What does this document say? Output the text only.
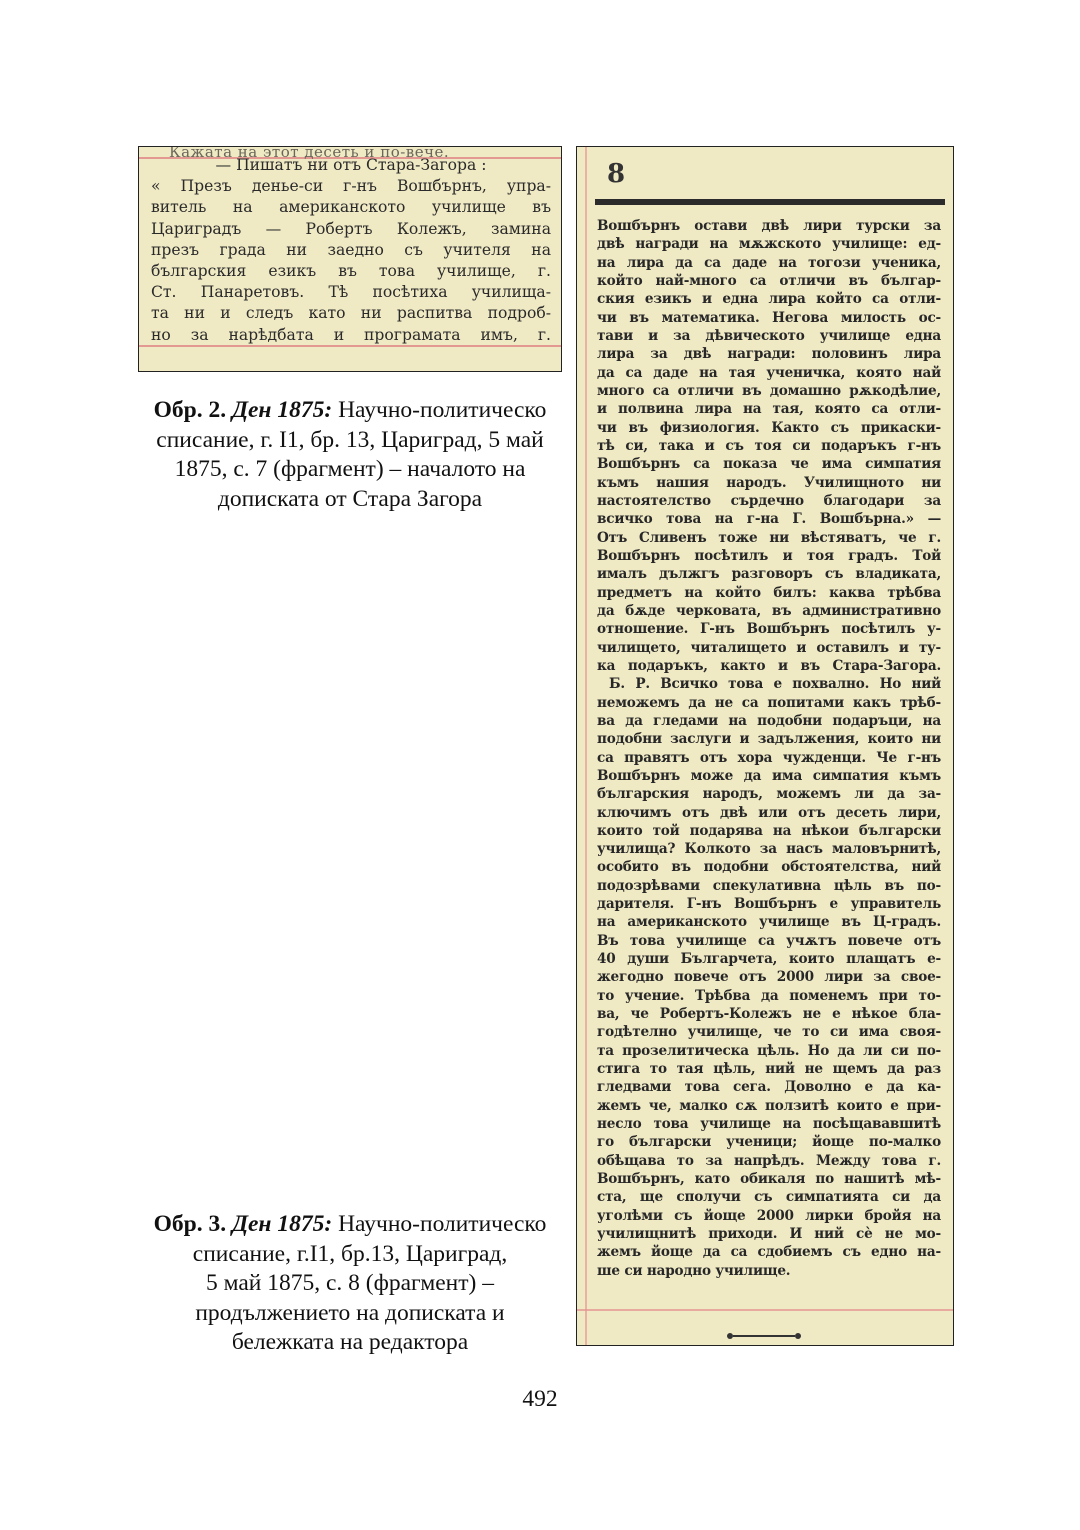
Кажата на этот десеть и по-вече.
— Пишатъ ни отъ Стара-Загора :
« Презъ деньe-си г-нъ Вошбърнъ, упра-
витель на американското училище въ
Цариградъ — Робертъ Колежъ, замина
презъ града ни заедно съ учителя на
българския езикъ въ това училище, г.
Ст. Панаретовъ. Тѣ посѣтиха училища-
та ни и следъ като ни распитва подроб-
но за нарѣдбата и програмата имъ, г.
Обр. 2. Ден 1875: Научно-политическо списание, г. I1, бр. 13, Цариград, 5 май 1875, с. 7 (фрагмент) – началото на дописката от Стара Загора
8
Вошбърнъ остави двѣ лири турски за
двѣ награди на мѫжското училище: ед-
на лира да са даде на тогози ученика,
който най-много са отличи въ българ-
ския езикъ и една лира който са отли-
чи въ математика. Негова милость ос-
тави и за дѣвическото училище една
лира за двѣ награди: половинъ лира
да са даде на тая ученичка, която най
много са отличи въ домашно рѫкодѣлие,
и полвина лира на тая, която са отли-
чи въ физиология. Както съ прикаски-
тѣ си, така и съ тоя си подаръкъ г-нъ
Вошбърнъ са показа че има симпатия
къмъ нашия народъ. Училищното ни
настоятелство сърдечно благодари за
всичко това на г-на Г. Вошбърна.» —
Отъ Сливенъ тоже ни вѣстяватъ, че г.
Вошбърнъ посѣтилъ и тоя градъ. Той
ималъ дължгъ разговоръ съ владиката,
предметъ на който билъ: каква трѣбва
да бѫде черковата, въ административно
отношение. Г-нъ Вошбърнъ посѣтилъ у-
чилището, читалището и оставилъ и ту-
ка подаръкъ, както и въ Стара-Загора.
Б. Р. Всичко това е похвално. Но ний
неможемъ да не са попитами какъ трѣб-
ва да гледами на подобни подаръци, на
подобни заслуги и задължения, които ни
са правятъ отъ хора чужденци. Че г-нъ
Вошбърнъ може да има симпатия къмъ
българския народъ, можемъ ли да за-
ключимъ отъ двѣ или отъ десеть лири,
които той подарява на нѣкои български
училища? Колкото за насъ маловърнитѣ,
особито въ подобни обстоятелства, ний
подозрѣвами спекулативна цѣль въ по-
дарителя. Г-нъ Вошбърнъ е управитель
на американското училище въ Ц-градъ.
Въ това училище са учѫтъ повече отъ
40 души Българчета, които плащатъ е-
жегодно повече отъ 2000 лири за свое-
то учение. Трѣбва да поменемъ при то-
ва, че Робертъ-Колежъ не е нѣкое бла-
годѣтелно училище, че то си има своя-
та прозелитическа цѣль. Но да ли си по-
стига то тая цѣль, ний не щемъ да раз
гледвами това сега. Доволно е да ка-
жемъ че, малко сѫ ползитѣ които е при-
несло това училище на посѣщававшитѣ
го български ученици; йоще по-малко
обѣщава то за напрѣдъ. Между това г.
Вошбърнъ, като обикаля по нашитѣ мѣ-
ста, ще сполучи съ симпатията си да
уголѣми съ йоще 2000 лирки бройя на
училищнитѣ приходи. И ний сѐ не мо-
жемъ йоще да са сдобиемъ съ едно на-
ше си народно училище.
Обр. 3. Ден 1875: Научно-политическо
списание, г.I1, бр.13, Цариград,
5 май 1875, с. 8 (фрагмент) –
продължението на дописката и
бележката на редактора
492
